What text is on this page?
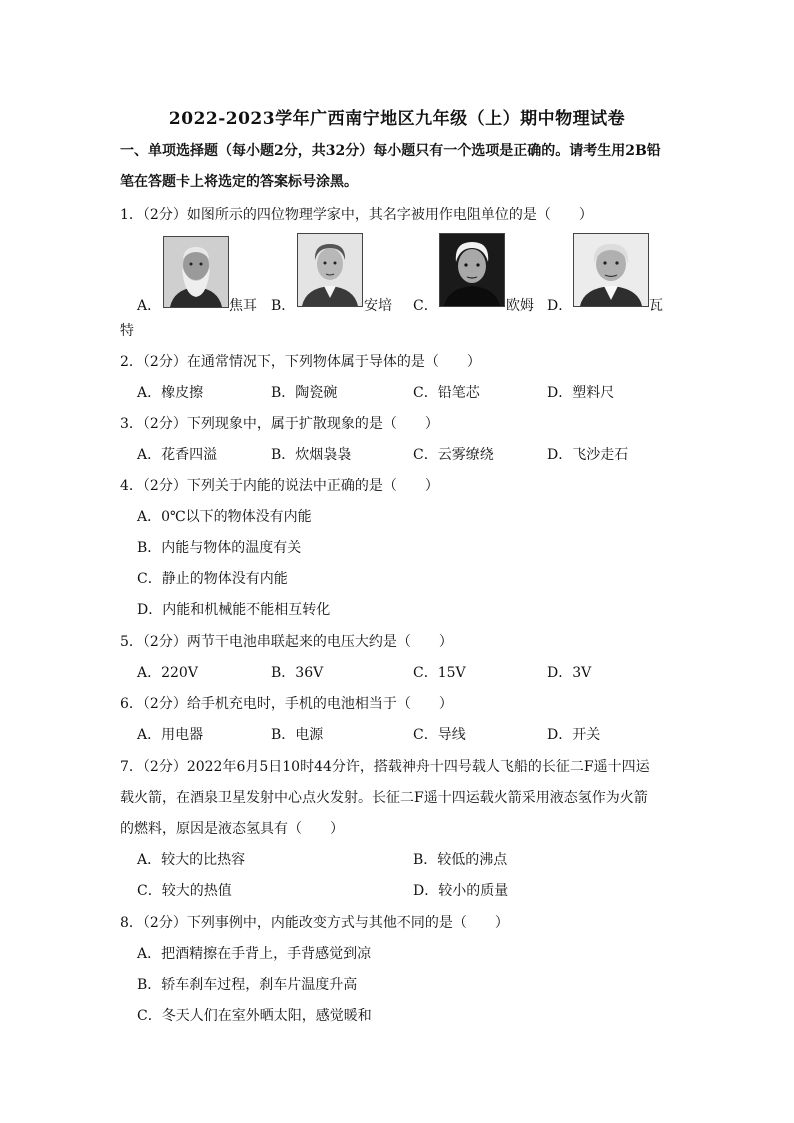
2022-2023学年广西南宁地区九年级（上）期中物理试卷
一、单项选择题（每小题2分，共32分）每小题只有一个选项是正确的。请考生用2B铅
笔在答题卡上将选定的答案标号涂黑。
1．（2分）如图所示的四位物理学家中，其名字被用作电阻单位的是（　　）
A．	焦耳 B．	安培 C．	欧姆 D．	瓦
特
2．（2分）在通常情况下，下列物体属于导体的是（　　）
A．橡皮擦	B．陶瓷碗	C．铅笔芯	D．塑料尺
3．（2分）下列现象中，属于扩散现象的是（　　）
A．花香四溢	B．炊烟袅袅	C．云雾缭绕	D．飞沙走石
4．（2分）下列关于内能的说法中正确的是（　　）
A．0℃以下的物体没有内能
B．内能与物体的温度有关
C．静止的物体没有内能
D．内能和机械能不能相互转化
5．（2分）两节干电池串联起来的电压大约是（　　）
A．220V	B．36V	C．15V	D．3V
6．（2分）给手机充电时，手机的电池相当于（　　）
A．用电器	B．电源	C．导线	D．开关
7．（2分）2022年6月5日10时44分许，搭载神舟十四号载人飞船的长征二F遥十四运
载火箭，在酒泉卫星发射中心点火发射。长征二F遥十四运载火箭采用液态氢作为火箭
的燃料，原因是液态氢具有（　　）
A．较大的比热容	B．较低的沸点
C．较大的热值	D．较小的质量
8．（2分）下列事例中，内能改变方式与其他不同的是（　　）
A．把酒精擦在手背上，手背感觉到凉
B．轿车刹车过程，刹车片温度升高
C．冬天人们在室外晒太阳，感觉暖和
